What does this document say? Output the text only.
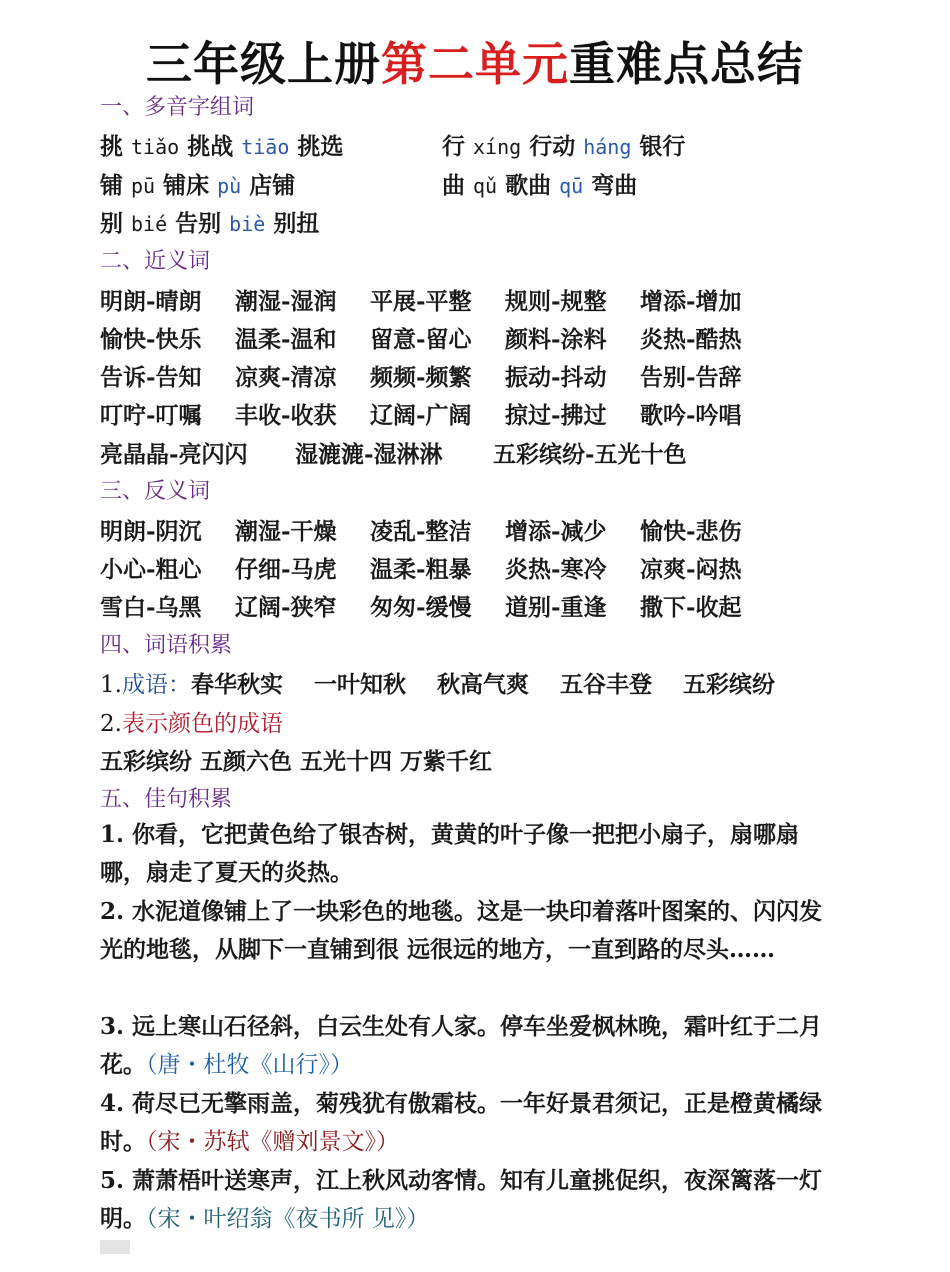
三年级上册第二单元重难点总结
一、多音字组词
挑 tiǎo 挑战 tiāo 挑选	行 xíng 行动 háng 银行
铺 pū 铺床 pù 店铺	曲 qǔ 歌曲 qū 弯曲
别 bié 告别 biè 别扭
二、近义词
明朗-晴朗 潮湿-湿润 平展-平整 规则-规整 增添-增加
愉快-快乐 温柔-温和 留意-留心 颜料-涂料 炎热-酷热
告诉-告知 凉爽-清凉 频频-频繁 振动-抖动 告别-告辞
叮咛-叮嘱 丰收-收获 辽阔-广阔 掠过-拂过 歌吟-吟唱
亮晶晶-亮闪闪 湿漉漉-湿淋淋 五彩缤纷-五光十色
三、反义词
明朗-阴沉 潮湿-干燥 凌乱-整洁 增添-减少 愉快-悲伤
小心-粗心 仔细-马虎 温柔-粗暴 炎热-寒冷 凉爽-闷热
雪白-乌黑 辽阔-狭窄 匆匆-缓慢 道别-重逢 撒下-收起
四、词语积累
1.成语：春华秋实　 一叶知秋　 秋高气爽　 五谷丰登　 五彩缤纷
2.表示颜色的成语
五彩缤纷 五颜六色 五光十四 万紫千红
五、佳句积累
1. 你看，它把黄色给了银杏树，黄黄的叶子像一把把小扇子，扇哪扇哪，扇走了夏天的炎热。
2. 水泥道像铺上了一块彩色的地毯。这是一块印着落叶图案的、闪闪发光的地毯，从脚下一直铺到很 远很远的地方，一直到路的尽头……
3. 远上寒山石径斜，白云生处有人家。停车坐爱枫林晚，霜叶红于二月花。（唐・杜牧《山行》）
4. 荷尽已无擎雨盖，菊残犹有傲霜枝。一年好景君须记，正是橙黄橘绿时。（宋・苏轼《赠刘景文》）
5. 萧萧梧叶送寒声，江上秋风动客情。知有儿童挑促织，夜深篱落一灯明。（宋・叶绍翁《夜书所 见》）
